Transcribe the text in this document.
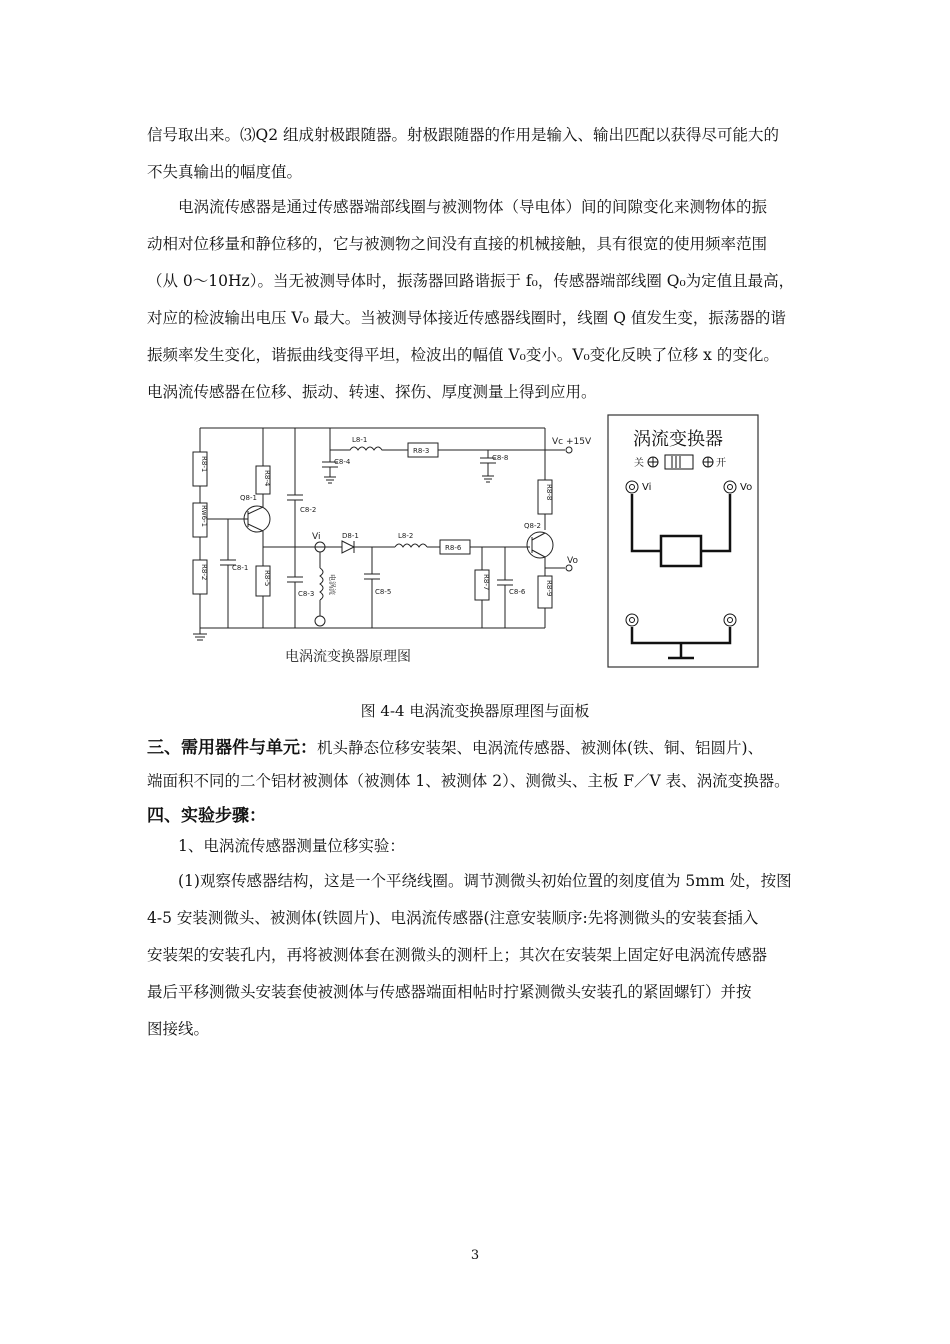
信号取出来。⑶Q2 组成射极跟随器。射极跟随器的作用是输入、输出匹配以获得尽可能大的
不失真输出的幅度值。
　　电涡流传感器是通过传感器端部线圈与被测物体（导电体）间的间隙变化来测物体的振
动相对位移量和静位移的，它与被测物之间没有直接的机械接触，具有很宽的使用频率范围
（从 0～10Hz）。当无被测导体时，振荡器回路谐振于 f₀，传感器端部线圈 Q₀为定值且最高，
对应的检波输出电压 V₀ 最大。当被测导体接近传感器线圈时，线圈 Q 值发生变，振荡器的谐
振频率发生变化，谐振曲线变得平坦，检波出的幅值 V₀变小。V₀变化反映了位移 x 的变化。
电涡流传感器在位移、振动、转速、探伤、厚度测量上得到应用。
R8-1
Rw6-1
R8-2
R8-4
R8-5	R8-7
R8-8
R8-9
电涡流
R8-3
R8-6
C8-1
C8-2
C8-3
C8-4
C8-5	C8-6
C8-8
L8-1
L8-2
D8-1
Q8-1
Q8-2
Vc +15V
Vi
Vo
电涡流变换器原理图
涡流变换器
关	开
Vi	Vo
图 4-4 电涡流变换器原理图与面板
三、需用器件与单元：机头静态位移安装架、电涡流传感器、被测体(铁、铜、铝圆片)、
端面积不同的二个铝材被测体（被测体 1、被测体 2）、测微头、主板 F／V 表、涡流变换器。
四、实验步骤：
　　1、电涡流传感器测量位移实验：
　　(1)观察传感器结构，这是一个平绕线圈。调节测微头初始位置的刻度值为 5mm 处，按图
4-5 安装测微头、被测体(铁圆片)、电涡流传感器(注意安装顺序:先将测微头的安装套插入
安装架的安装孔内，再将被测体套在测微头的测杆上；其次在安装架上固定好电涡流传感器
最后平移测微头安装套使被测体与传感器端面相帖时拧紧测微头安装孔的紧固螺钉）并按
图接线。
3
